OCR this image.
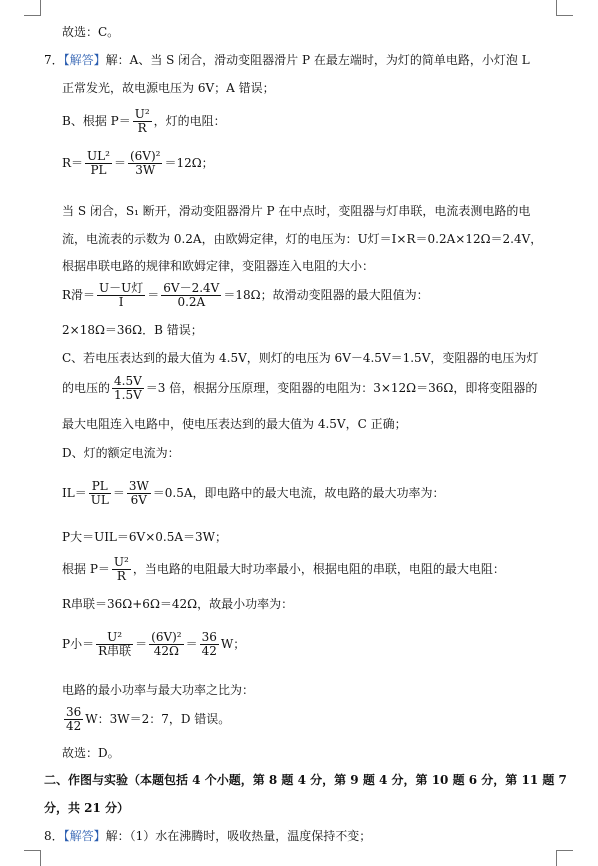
故选：C。
7．【解答】解：A、当 S 闭合，滑动变阻器滑片 P 在最左端时，为灯的简单电路，小灯泡 L
正常发光，故电源电压为 6V；A 错误；
B、根据 $P= \frac{\text{U²}}{R}$ ，灯的电阻：
$R= \frac{\text{UL²}}{PL} = \frac{\text{(6V)²}}{3W} =12\Omega$；
当 S 闭合，S₁ 断开，滑动变阻器滑片 P 在中点时，变阻器与灯串联，电流表测电路的电
流，电流表的示数为 0.2A，由欧姆定律，灯的电压为：U灯＝I×R＝0.2A×12Ω＝2.4V，
根据串联电路的规律和欧姆定律，变阻器连入电阻的大小：
R滑＝ $\frac{\text{U－U灯}}{I} = \frac{6V-2.4V}{0.2A} =18\Omega$；故滑动变阻器的最大阻值为：
2×18Ω＝36Ω．B 错误；
C、若电压表达到的最大值为 4.5V，则灯的电压为 6V－4.5V＝1.5V，变阻器的电压为灯
的电压的 $\frac{4.5V}{1.5V} =3$ 倍，根据分压原理，变阻器的电阻为：3×12Ω＝36Ω，即将变阻器的
最大电阻连入电路中，使电压表达到的最大值为 4.5V，C 正确；
D、灯的额定电流为：
$IL= \frac{PL}{UL} = \frac{3W}{6V} =0.5A$，即电路中的最大电流，故电路的最大功率为：
P大＝UIL＝6V×0.5A＝3W；
根据 $P= \frac{\text{U²}}{R}$ ，当电路的电阻最大时功率最小，根据电阻的串联，电阻的最大电阻：
R串联＝36Ω+6Ω＝42Ω，故最小功率为：
P小＝ $\frac{\text{U²}}{\text{R串联}} = \frac{\text{(6V)²}}{42\Omega} = \frac{36}{42}$ W；
电路的最小功率与最大功率之比为：
$\frac{36}{42}$ W：3W＝2：7，D 错误。
故选：D。
二、作图与实验（本题包括 4 个小题，第 8 题 4 分，第 9 题 4 分，第 10 题 6 分，第 11 题 7
分，共 21 分）
8．【解答】解：（1）水在沸腾时，吸收热量，温度保持不变；
